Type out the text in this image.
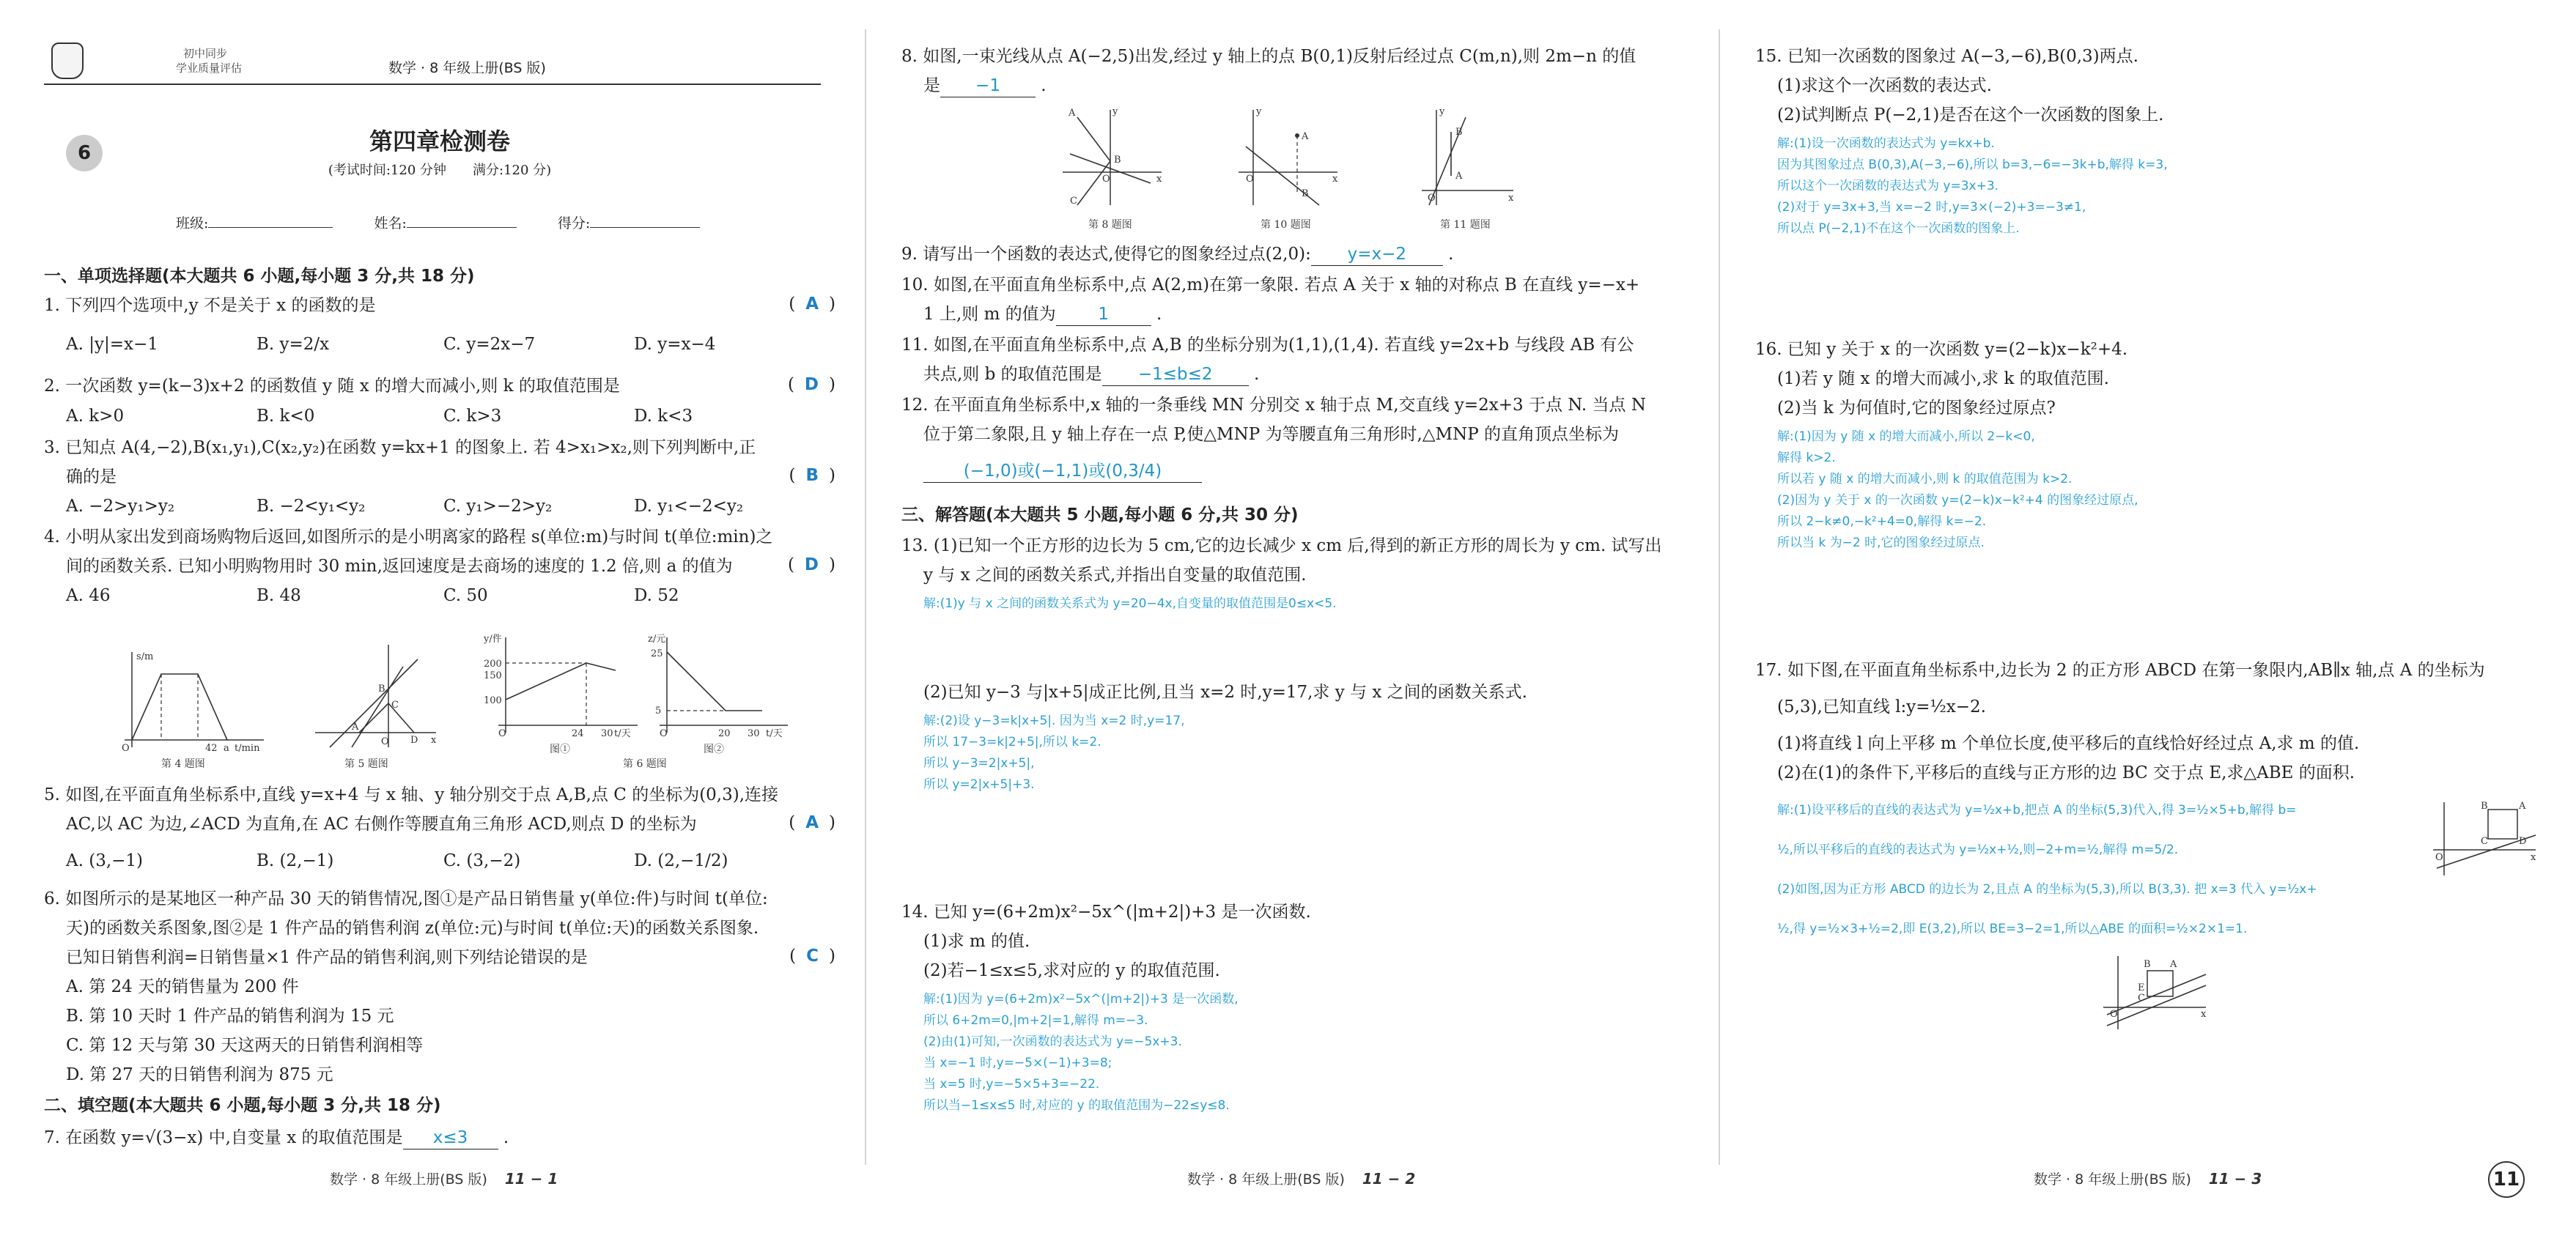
初中同步
学业质量评估	数学 · 8 年级上册(BS 版)
6	第四章检测卷
(考试时间:120 分钟　　满分:120 分)
班级:	姓名:	得分:
一、单项选择题(本大题共 6 小题,每小题 3 分,共 18 分)
1. 下列四个选项中,y 不是关于 x 的函数的是	( A )
A. |y|=x−1	B. y=2/x	C. y=2x−7	D. y=x−4
2. 一次函数 y=(k−3)x+2 的函数值 y 随 x 的增大而减小,则 k 的取值范围是	( D )
A. k>0	B. k<0	C. k>3	D. k<3
3. 已知点 A(4,−2),B(x₁,y₁),C(x₂,y₂)在函数 y=kx+1 的图象上. 若 4>x₁>x₂,则下列判断中,正
确的是	( B )
A. −2>y₁>y₂	B. −2<y₁<y₂	C. y₁>−2>y₂	D. y₁<−2<y₂
4. 小明从家出发到商场购物后返回,如图所示的是小明离家的路程 s(单位:m)与时间 t(单位:min)之
间的函数关系. 已知小明购物用时 30 min,返回速度是去商场的速度的 1.2 倍,则 a 的值为	( D )
A. 46	B. 48	C. 50	D. 52
s/m
O	42 a t/min
第 4 题图
B
C
A
D
O	x
第 5 题图
y/件
200
150
100
O	24 30 t/天
图①
z/元
25
5
O	20 30 t/天
图②
第 6 题图
5. 如图,在平面直角坐标系中,直线 y=x+4 与 x 轴、y 轴分别交于点 A,B,点 C 的坐标为(0,3),连接
AC,以 AC 为边,∠ACD 为直角,在 AC 右侧作等腰直角三角形 ACD,则点 D 的坐标为	( A )
A. (3,−1)	B. (2,−1)	C. (3,−2)	D. (2,−1/2)
6. 如图所示的是某地区一种产品 30 天的销售情况,图①是产品日销售量 y(单位:件)与时间 t(单位:
天)的函数关系图象,图②是 1 件产品的销售利润 z(单位:元)与时间 t(单位:天)的函数关系图象.
已知日销售利润=日销售量×1 件产品的销售利润,则下列结论错误的是	( C )
A. 第 24 天的销售量为 200 件
B. 第 10 天时 1 件产品的销售利润为 15 元
C. 第 12 天与第 30 天这两天的日销售利润相等
D. 第 27 天的日销售利润为 875 元
二、填空题(本大题共 6 小题,每小题 3 分,共 18 分)
7. 在函数 y=√(3−x) 中,自变量 x 的取值范围是 x≤3 .
数学 · 8 年级上册(BS 版) 11 − 1
8. 如图,一束光线从点 A(−2,5)出发,经过 y 轴上的点 B(0,1)反射后经过点 C(m,n),则 2m−n 的值
是 −1 .
A
B
C
O	x
y
第 8 题图
A
B
O	x
y
第 10 题图
B
A
O	x
y
第 11 题图
9. 请写出一个函数的表达式,使得它的图象经过点(2,0): y=x−2 .
10. 如图,在平面直角坐标系中,点 A(2,m)在第一象限. 若点 A 关于 x 轴的对称点 B 在直线 y=−x+
1 上,则 m 的值为	1	.
11. 如图,在平面直角坐标系中,点 A,B 的坐标分别为(1,1),(1,4). 若直线 y=2x+b 与线段 AB 有公
共点,则 b 的取值范围是 −1≤b≤2 .
12. 在平面直角坐标系中,x 轴的一条垂线 MN 分别交 x 轴于点 M,交直线 y=2x+3 于点 N. 当点 N
位于第二象限,且 y 轴上存在一点 P,使△MNP 为等腰直角三角形时,△MNP 的直角顶点坐标为
(−1,0)或(−1,1)或(0,3/4)
三、解答题(本大题共 5 小题,每小题 6 分,共 30 分)
13. (1)已知一个正方形的边长为 5 cm,它的边长减少 x cm 后,得到的新正方形的周长为 y cm. 试写出
y 与 x 之间的函数关系式,并指出自变量的取值范围.
解:(1)y 与 x 之间的函数关系式为 y=20−4x,自变量的取值范围是0≤x<5.
(2)已知 y−3 与|x+5|成正比例,且当 x=2 时,y=17,求 y 与 x 之间的函数关系式.
解:(2)设 y−3=k|x+5|. 因为当 x=2 时,y=17,
所以 17−3=k|2+5|,所以 k=2.
所以 y−3=2|x+5|,
所以 y=2|x+5|+3.
14. 已知 y=(6+2m)x²−5x^(|m+2|)+3 是一次函数.
(1)求 m 的值.
(2)若−1≤x≤5,求对应的 y 的取值范围.
解:(1)因为 y=(6+2m)x²−5x^(|m+2|)+3 是一次函数,
所以 6+2m=0,|m+2|=1,解得 m=−3.
(2)由(1)可知,一次函数的表达式为 y=−5x+3.
当 x=−1 时,y=−5×(−1)+3=8;
当 x=5 时,y=−5×5+3=−22.
所以当−1≤x≤5 时,对应的 y 的取值范围为−22≤y≤8.
数学 · 8 年级上册(BS 版) 11 − 2
15. 已知一次函数的图象过 A(−3,−6),B(0,3)两点.
(1)求这个一次函数的表达式.
(2)试判断点 P(−2,1)是否在这个一次函数的图象上.
解:(1)设一次函数的表达式为 y=kx+b.
因为其图象过点 B(0,3),A(−3,−6),所以 b=3,−6=−3k+b,解得 k=3,
所以这个一次函数的表达式为 y=3x+3.
(2)对于 y=3x+3,当 x=−2 时,y=3×(−2)+3=−3≠1,
所以点 P(−2,1)不在这个一次函数的图象上.
16. 已知 y 关于 x 的一次函数 y=(2−k)x−k²+4.
(1)若 y 随 x 的增大而减小,求 k 的取值范围.
(2)当 k 为何值时,它的图象经过原点?
解:(1)因为 y 随 x 的增大而减小,所以 2−k<0,
解得 k>2.
所以若 y 随 x 的增大而减小,则 k 的取值范围为 k>2.
(2)因为 y 关于 x 的一次函数 y=(2−k)x−k²+4 的图象经过原点,
所以 2−k≠0,−k²+4=0,解得 k=−2.
所以当 k 为−2 时,它的图象经过原点.
17. 如下图,在平面直角坐标系中,边长为 2 的正方形 ABCD 在第一象限内,AB∥x 轴,点 A 的坐标为
(5,3),已知直线 l:y=½x−2.
(1)将直线 l 向上平移 m 个单位长度,使平移后的直线恰好经过点 A,求 m 的值.
(2)在(1)的条件下,平移后的直线与正方形的边 BC 交于点 E,求△ABE 的面积.
解:(1)设平移后的直线的表达式为 y=½x+b,把点 A 的坐标(5,3)代入,得 3=½×5+b,解得 b=
½,所以平移后的直线的表达式为 y=½x+½,则−2+m=½,解得 m=5/2.
(2)如图,因为正方形 ABCD 的边长为 2,且点 A 的坐标为(5,3),所以 B(3,3). 把 x=3 代入 y=½x+
½,得 y=½×3+½=2,即 E(3,2),所以 BE=3−2=1,所以△ABE 的面积=½×2×1=1.
B	A
C	D
O	x
B A
E
C
O	x
数学 · 8 年级上册(BS 版) 11 − 3	11
